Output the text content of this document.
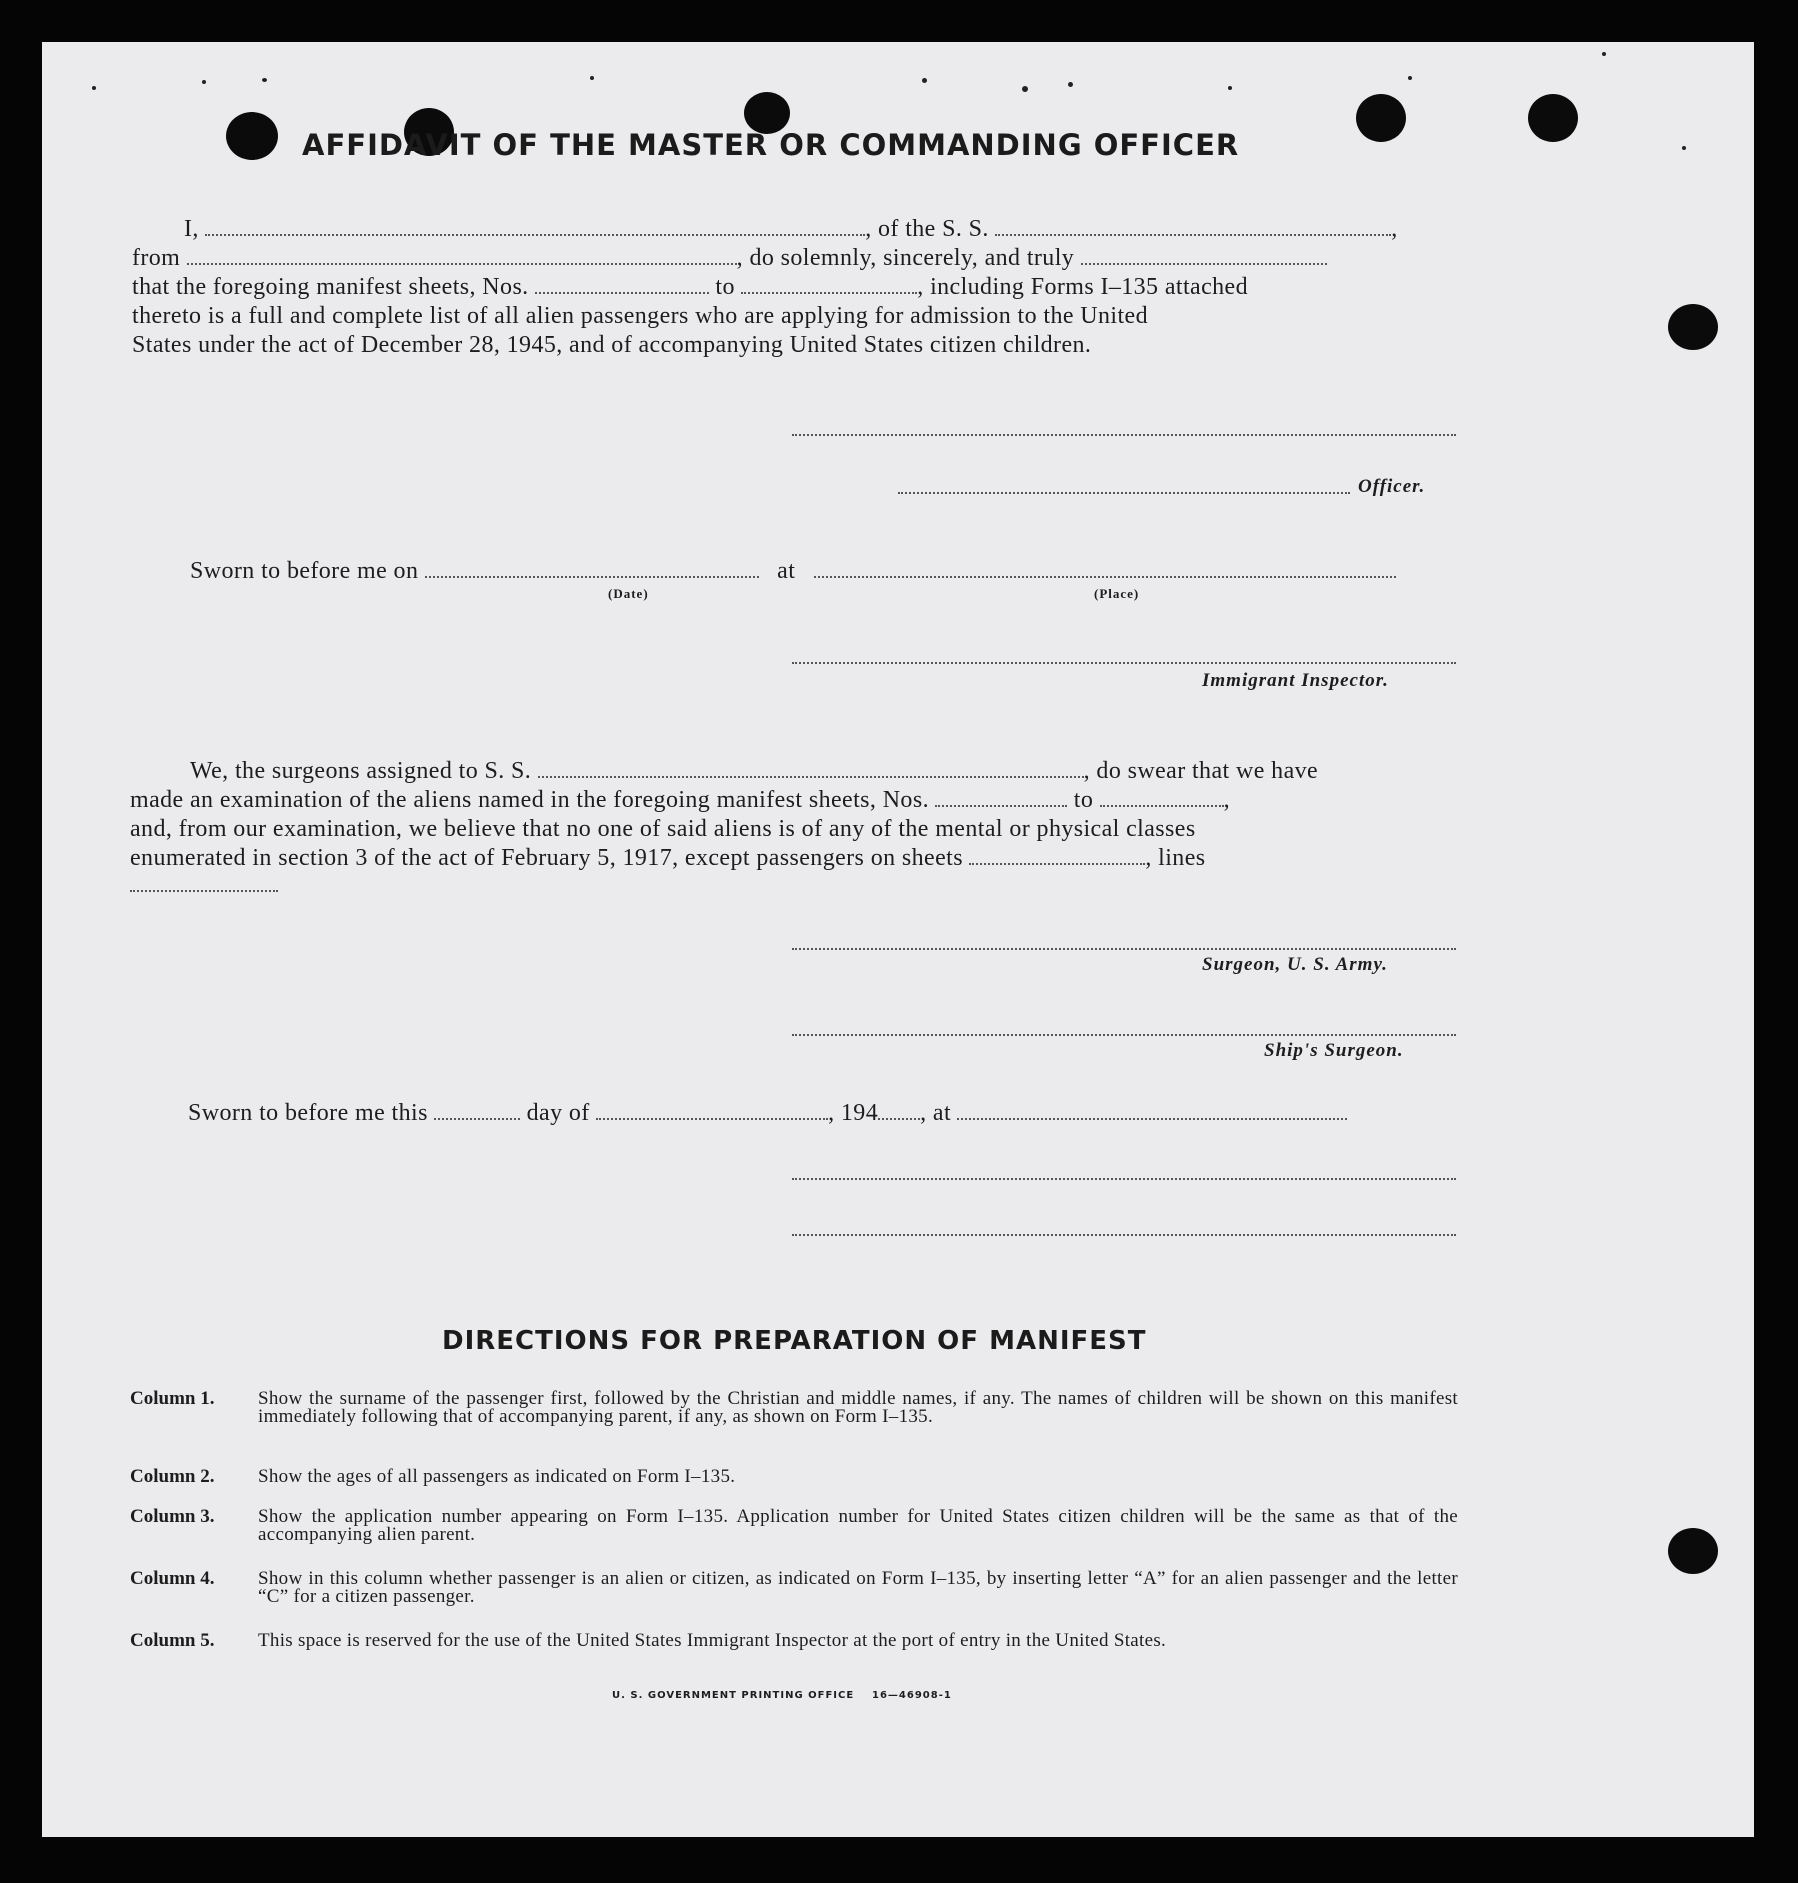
AFFIDAVIT OF THE MASTER OR COMMANDING OFFICER
I,	, of the S. S.	,
from	, do solemnly, sincerely, and truly
that the foregoing manifest sheets, Nos.	to	, including Forms I–135 attached
thereto is a full and complete list of all alien passengers who are applying for admission to the United
States under the act of December 28, 1945, and of accompanying United States citizen children.
Officer.
Sworn to before me on	at
(Date)	(Place)
Immigrant Inspector.
We, the surgeons assigned to S. S.	, do swear that we have
made an examination of the aliens named in the foregoing manifest sheets, Nos.	to	,
and, from our examination, we believe that no one of said aliens is of any of the mental or physical classes
enumerated in section 3 of the act of February 5, 1917, except passengers on sheets	, lines
Surgeon, U. S. Army.
Ship's Surgeon.
Sworn to before me this	day of	, 194 , at
DIRECTIONS FOR PREPARATION OF MANIFEST
Column 1. Show the surname of the passenger first, followed by the Christian and middle names, if any. The names of children will be shown on this manifest immediately following that of accompanying parent, if any, as shown on Form I–135.
Column 2. Show the ages of all passengers as indicated on Form I–135.
Column 3. Show the application number appearing on Form I–135. Application number for United States citizen children will be the same as that of the accompanying alien parent.
Column 4. Show in this column whether passenger is an alien or citizen, as indicated on Form I–135, by inserting letter “A” for an alien passenger and the letter “C” for a citizen passenger.
Column 5. This space is reserved for the use of the United States Immigrant Inspector at the port of entry in the United States.
U. S. GOVERNMENT PRINTING OFFICE 16—46908-1
